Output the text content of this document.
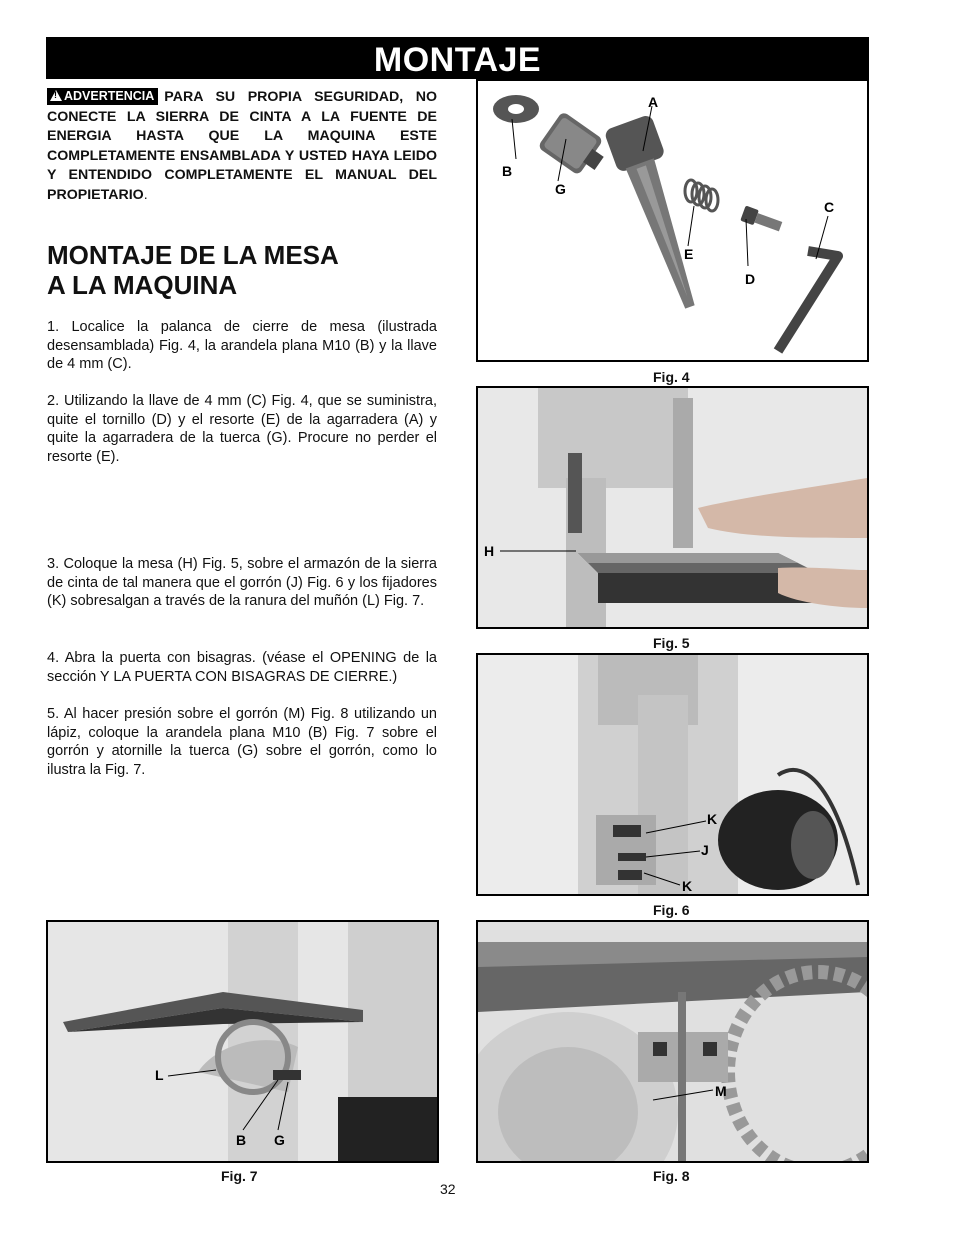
MONTAJE
!ADVERTENCIA PARA SU PROPIA SEGURIDAD, NO CONECTE LA SIERRA DE CINTA A LA FUENTE DE ENERGIA HASTA QUE LA MAQUINA ESTE COMPLETAMENTE ENSAMBLADA Y USTED HAYA LEIDO Y ENTENDIDO COMPLETAMENTE EL MANUAL DEL PROPIETARIO.
MONTAJE DE LA MESA
A LA MAQUINA

1. Localice la palanca de cierre de mesa (ilustrada desensamblada) Fig. 4, la arandela plana M10 (B) y la llave de 4 mm (C).

2. Utilizando la llave de 4 mm (C) Fig. 4, que se suministra, quite el tornillo (D) y el resorte (E) de la agarradera (A) y quite la agarradera de la tuerca (G). Procure no perder el resorte (E).

3. Coloque la mesa (H) Fig. 5, sobre el armazón de la sierra de cinta de tal manera que el gorrón (J) Fig. 6 y los fijadores (K) sobresalgan a través de la ranura del muñón (L) Fig. 7.

4. Abra la puerta con bisagras. (véase el OPENING de la sección Y LA PUERTA CON BISAGRAS DE CIERRE.)

5. Al hacer presión sobre el gorrón (M) Fig. 8 utilizando un lápiz, coloque la arandela plana M10 (B) Fig. 7 sobre el gorrón y atornille la tuerca (G) sobre el gorrón, como lo ilustra la Fig. 7.

A
B
G
E
D
C
Fig. 4
H
Fig. 5
K
J
K
Fig. 6
L
B G
Fig. 7
M
Fig. 8
32
